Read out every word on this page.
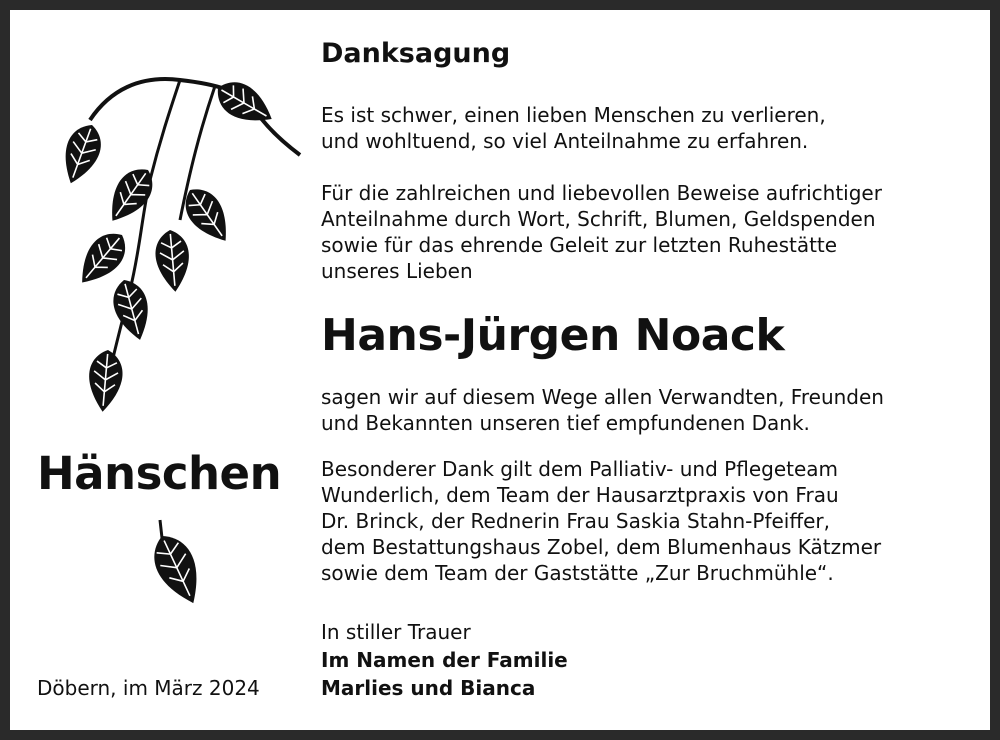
Hänschen

Döbern, im März 2024

Danksagung

Es ist schwer, einen lieben Menschen zu verlieren,
und wohltuend, so viel Anteilnahme zu erfahren.

Für die zahlreichen und liebevollen Beweise aufrichtiger
Anteilnahme durch Wort, Schrift, Blumen, Geldspenden
sowie für das ehrende Geleit zur letzten Ruhestätte
unseres Lieben

Hans-Jürgen Noack

sagen wir auf diesem Wege allen Verwandten, Freunden
und Bekannten unseren tief empfundenen Dank.

Besonderer Dank gilt dem Palliativ- und Pflegeteam
Wunderlich, dem Team der Hausarztpraxis von Frau
Dr. Brinck, der Rednerin Frau Saskia Stahn-Pfeiffer,
dem Bestattungshaus Zobel, dem Blumenhaus Kätzmer
sowie dem Team der Gaststätte „Zur Bruchmühle“.

In stiller Trauer
Im Namen der Familie
Marlies und Bianca
